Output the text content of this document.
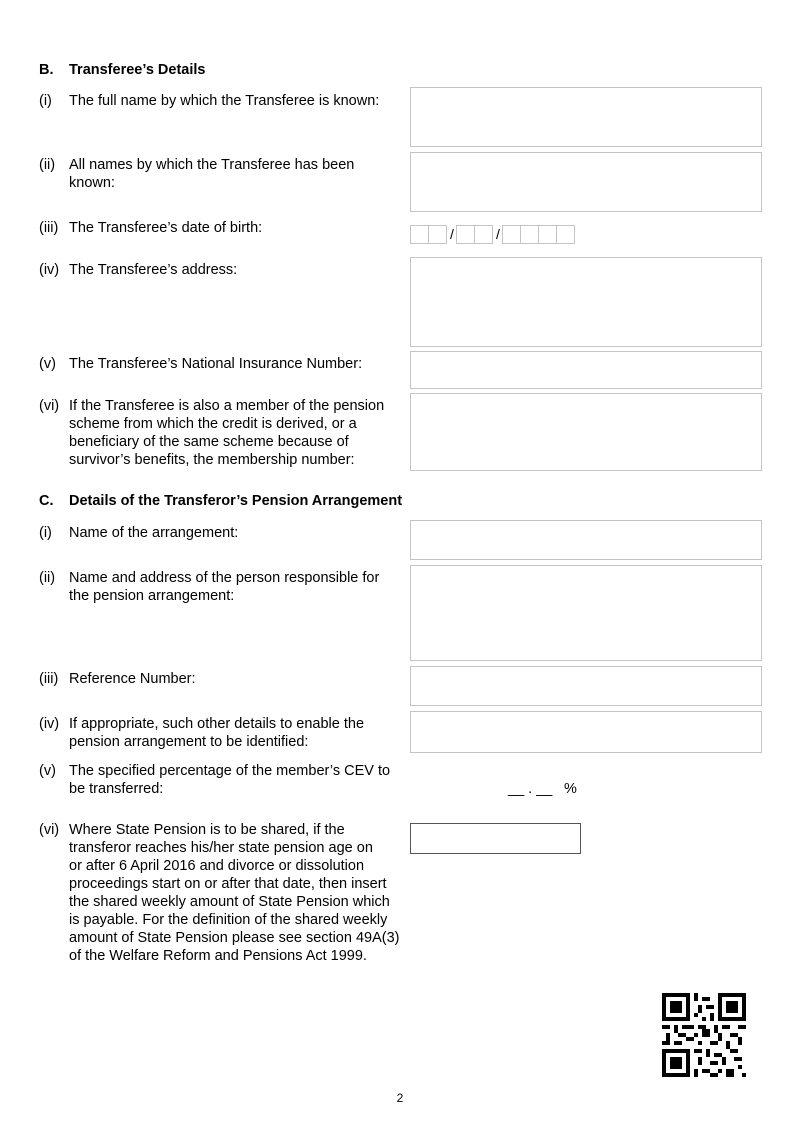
B. Transferee’s Details
(i) The full name by which the Transferee is known:
(ii) All names by which the Transferee has been
known:
(iii) The Transferee’s date of birth:	/	/
(iv) The Transferee’s address:
(v) The Transferee’s National Insurance Number:
(vi) If the Transferee is also a member of the pension
scheme from which the credit is derived, or a
beneficiary of the same scheme because of
survivor’s benefits, the membership number:
C. Details of the Transferor’s Pension Arrangement
(i) Name of the arrangement:
(ii) Name and address of the person responsible for
the pension arrangement:
(iii) Reference Number:
(iv) If appropriate, such other details to enable the
pension arrangement to be identified:
(v) The specified percentage of the member’s CEV to
be transferred:	__ . __ %
(vi) Where State Pension is to be shared, if the
transferor reaches his/her state pension age on
or after 6 April 2016 and divorce or dissolution
proceedings start on or after that date, then insert
the shared weekly amount of State Pension which
is payable. For the definition of the shared weekly
amount of State Pension please see section 49A(3)
of the Welfare Reform and Pensions Act 1999.
2
